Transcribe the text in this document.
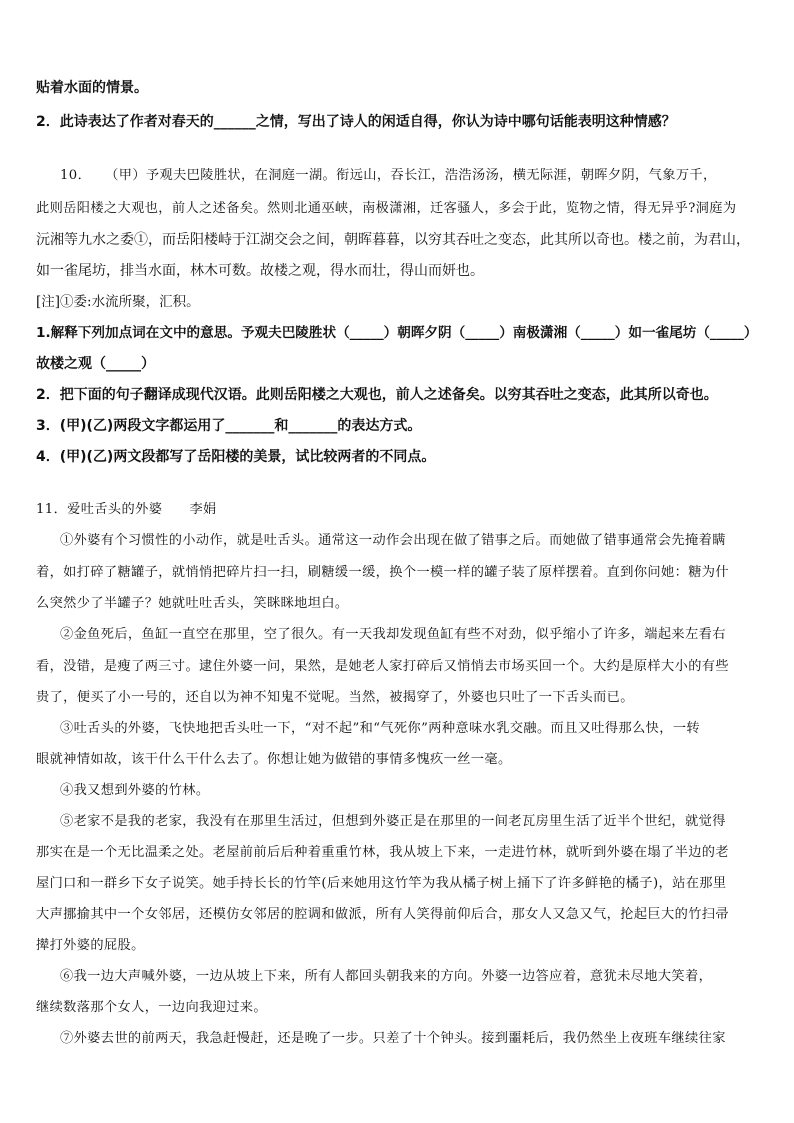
贴着水面的情景。
2．此诗表达了作者对春天的______之情，写出了诗人的闲适自得，你认为诗中哪句话能表明这种情感？
10．　　（甲）予观夫巴陵胜状，在洞庭一湖。衔远山，吞长江，浩浩汤汤，横无际涯，朝晖夕阴，气象万千，
此则岳阳楼之大观也，前人之述备矣。然则北通巫峡，南极潇湘，迁客骚人，多会于此，览物之情，得无异乎?洞庭为
沅湘等九水之委①，而岳阳楼峙于江湖交会之间，朝晖暮暮，以穷其吞吐之变态，此其所以奇也。楼之前，为君山，
如一雀尾坊，排当水面，林木可数。故楼之观，得水而壮，得山而妍也。
[注]①委:水流所聚，汇积。
1.解释下列加点词在文中的意思。予观夫巴陵胜状（_____）朝晖夕阴（_____）南极潇湘（_____）如一雀尾坊（_____）
故楼之观（_____）
2．把下面的句子翻译成现代汉语。此则岳阳楼之大观也，前人之述备矣。以穷其吞吐之变态，此其所以奇也。
3．(甲)(乙)两段文字都运用了_______和_______的表达方式。
4．(甲)(乙)两文段都写了岳阳楼的美景，试比较两者的不同点。
11．爱吐舌头的外婆　　李娟
①外婆有个习惯性的小动作，就是吐舌头。通常这一动作会出现在做了错事之后。而她做了错事通常会先掩着瞒
着，如打碎了糖罐子，就悄悄把碎片扫一扫，刷糖缓一缓，换个一模一样的罐子装了原样摆着。直到你问她：糖为什
么突然少了半罐子？她就吐吐舌头，笑眯眯地坦白。
②金鱼死后，鱼缸一直空在那里，空了很久。有一天我却发现鱼缸有些不对劲，似乎缩小了许多，端起来左看右
看，没错，是瘦了两三寸。逮住外婆一问，果然，是她老人家打碎后又悄悄去市场买回一个。大约是原样大小的有些
贵了，便买了小一号的，还自以为神不知鬼不觉呢。当然，被揭穿了，外婆也只吐了一下舌头而已。
③吐舌头的外婆，飞快地把舌头吐一下，“对不起”和“气死你”两种意味水乳交融。而且又吐得那么快，一转
眼就神情如故，该干什么干什么去了。你想让她为做错的事情多愧疚一丝一毫。
④我又想到外婆的竹林。
⑤老家不是我的老家，我没有在那里生活过，但想到外婆正是在那里的一间老瓦房里生活了近半个世纪，就觉得
那实在是一个无比温柔之处。老屋前前后后种着重重竹林，我从坡上下来，一走进竹林，就听到外婆在塌了半边的老
屋门口和一群乡下女子说笑。她手持长长的竹竿(后来她用这竹竿为我从橘子树上捅下了许多鲜艳的橘子)，站在那里
大声挪揄其中一个女邻居，还模仿女邻居的腔调和做派，所有人笑得前仰后合，那女人又急又气，抡起巨大的竹扫帚
撵打外婆的屁股。
⑥我一边大声喊外婆，一边从坡上下来，所有人都回头朝我来的方向。外婆一边答应着，意犹未尽地大笑着，
继续数落那个女人，一边向我迎过来。
⑦外婆去世的前两天，我急赶慢赶，还是晚了一步。只差了十个钟头。接到噩耗后，我仍然坐上夜班车继续往家
